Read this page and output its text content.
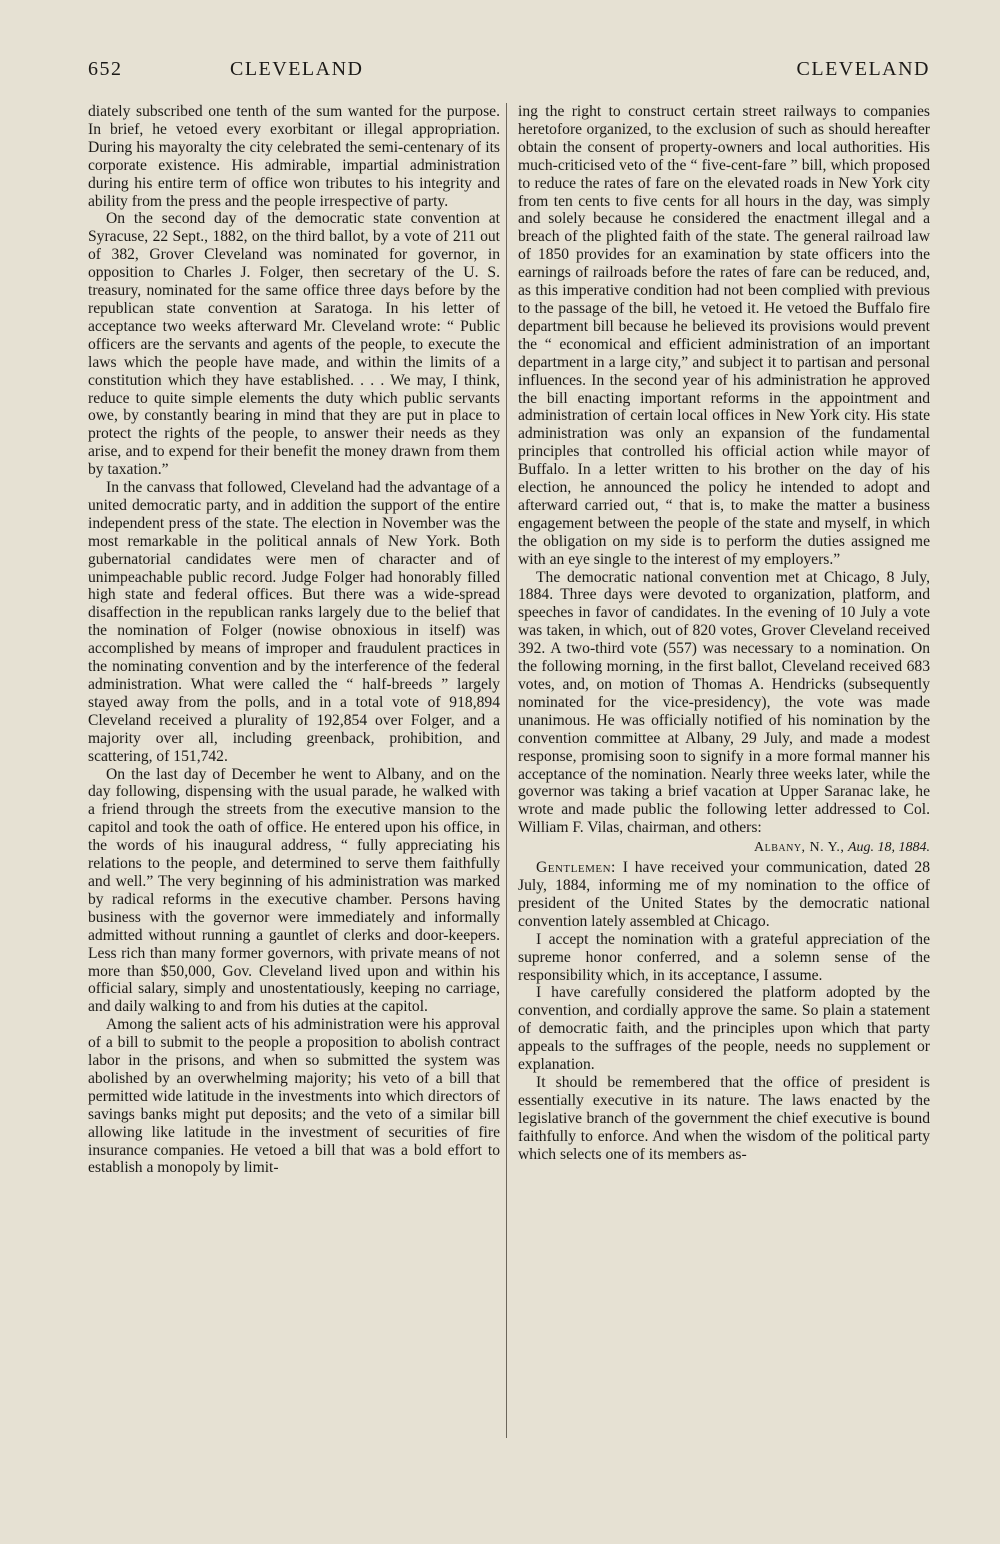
652	CLEVELAND	CLEVELAND

diately subscribed one tenth of the sum wanted for the purpose. In brief, he vetoed every exorbitant or illegal appropriation. During his mayoralty the city celebrated the semi-centenary of its corporate existence. His admirable, impartial administration during his entire term of office won tributes to his integrity and ability from the press and the people irrespective of party.

On the second day of the democratic state convention at Syracuse, 22 Sept., 1882, on the third ballot, by a vote of 211 out of 382, Grover Cleveland was nominated for governor, in opposition to Charles J. Folger, then secretary of the U. S. treasury, nominated for the same office three days before by the republican state convention at Saratoga. In his letter of acceptance two weeks afterward Mr. Cleveland wrote: “ Public officers are the servants and agents of the people, to execute the laws which the people have made, and within the limits of a constitution which they have established. . . . We may, I think, reduce to quite simple elements the duty which public servants owe, by constantly bearing in mind that they are put in place to protect the rights of the people, to answer their needs as they arise, and to expend for their benefit the money drawn from them by taxation.”

In the canvass that followed, Cleveland had the advantage of a united democratic party, and in addition the support of the entire independent press of the state. The election in November was the most remarkable in the political annals of New York. Both gubernatorial candidates were men of character and of unimpeachable public record. Judge Folger had honorably filled high state and federal offices. But there was a wide-spread disaffection in the republican ranks largely due to the belief that the nomination of Folger (nowise obnoxious in itself) was accomplished by means of improper and fraudulent practices in the nominating convention and by the interference of the federal administration. What were called the “ half-breeds ” largely stayed away from the polls, and in a total vote of 918,894 Cleveland received a plurality of 192,854 over Folger, and a majority over all, including greenback, prohibition, and scattering, of 151,742.

On the last day of December he went to Albany, and on the day following, dispensing with the usual parade, he walked with a friend through the streets from the executive mansion to the capitol and took the oath of office. He entered upon his office, in the words of his inaugural address, “ fully appreciating his relations to the people, and determined to serve them faithfully and well.” The very beginning of his administration was marked by radical reforms in the executive chamber. Persons having business with the governor were immediately and informally admitted without running a gauntlet of clerks and door-keepers. Less rich than many former governors, with private means of not more than $50,000, Gov. Cleveland lived upon and within his official salary, simply and unostentatiously, keeping no carriage, and daily walking to and from his duties at the capitol.

Among the salient acts of his administration were his approval of a bill to submit to the people a proposition to abolish contract labor in the prisons, and when so submitted the system was abolished by an overwhelming majority; his veto of a bill that permitted wide latitude in the investments into which directors of savings banks might put deposits; and the veto of a similar bill allowing like latitude in the investment of securities of fire insurance companies. He vetoed a bill that was a bold effort to establish a monopoly by limit-

ing the right to construct certain street railways to companies heretofore organized, to the exclusion of such as should hereafter obtain the consent of property-owners and local authorities. His much-criticised veto of the “ five-cent-fare ” bill, which proposed to reduce the rates of fare on the elevated roads in New York city from ten cents to five cents for all hours in the day, was simply and solely because he considered the enactment illegal and a breach of the plighted faith of the state. The general railroad law of 1850 provides for an examination by state officers into the earnings of railroads before the rates of fare can be reduced, and, as this imperative condition had not been complied with previous to the passage of the bill, he vetoed it. He vetoed the Buffalo fire department bill because he believed its provisions would prevent the “ economical and efficient administration of an important department in a large city,” and subject it to partisan and personal influences. In the second year of his administration he approved the bill enacting important reforms in the appointment and administration of certain local offices in New York city. His state administration was only an expansion of the fundamental principles that controlled his official action while mayor of Buffalo. In a letter written to his brother on the day of his election, he announced the policy he intended to adopt and afterward carried out, “ that is, to make the matter a business engagement between the people of the state and myself, in which the obligation on my side is to perform the duties assigned me with an eye single to the interest of my employers.”

The democratic national convention met at Chicago, 8 July, 1884. Three days were devoted to organization, platform, and speeches in favor of candidates. In the evening of 10 July a vote was taken, in which, out of 820 votes, Grover Cleveland received 392. A two-third vote (557) was necessary to a nomination. On the following morning, in the first ballot, Cleveland received 683 votes, and, on motion of Thomas A. Hendricks (subsequently nominated for the vice-presidency), the vote was made unanimous. He was officially notified of his nomination by the convention committee at Albany, 29 July, and made a modest response, promising soon to signify in a more formal manner his acceptance of the nomination. Nearly three weeks later, while the governor was taking a brief vacation at Upper Saranac lake, he wrote and made public the following letter addressed to Col. William F. Vilas, chairman, and others:

Albany, N. Y., Aug. 18, 1884.

Gentlemen: I have received your communication, dated 28 July, 1884, informing me of my nomination to the office of president of the United States by the democratic national convention lately assembled at Chicago.

I accept the nomination with a grateful appreciation of the supreme honor conferred, and a solemn sense of the responsibility which, in its acceptance, I assume.

I have carefully considered the platform adopted by the convention, and cordially approve the same. So plain a statement of democratic faith, and the principles upon which that party appeals to the suffrages of the people, needs no supplement or explanation.

It should be remembered that the office of president is essentially executive in its nature. The laws enacted by the legislative branch of the government the chief executive is bound faithfully to enforce. And when the wisdom of the political party which selects one of its members as-
